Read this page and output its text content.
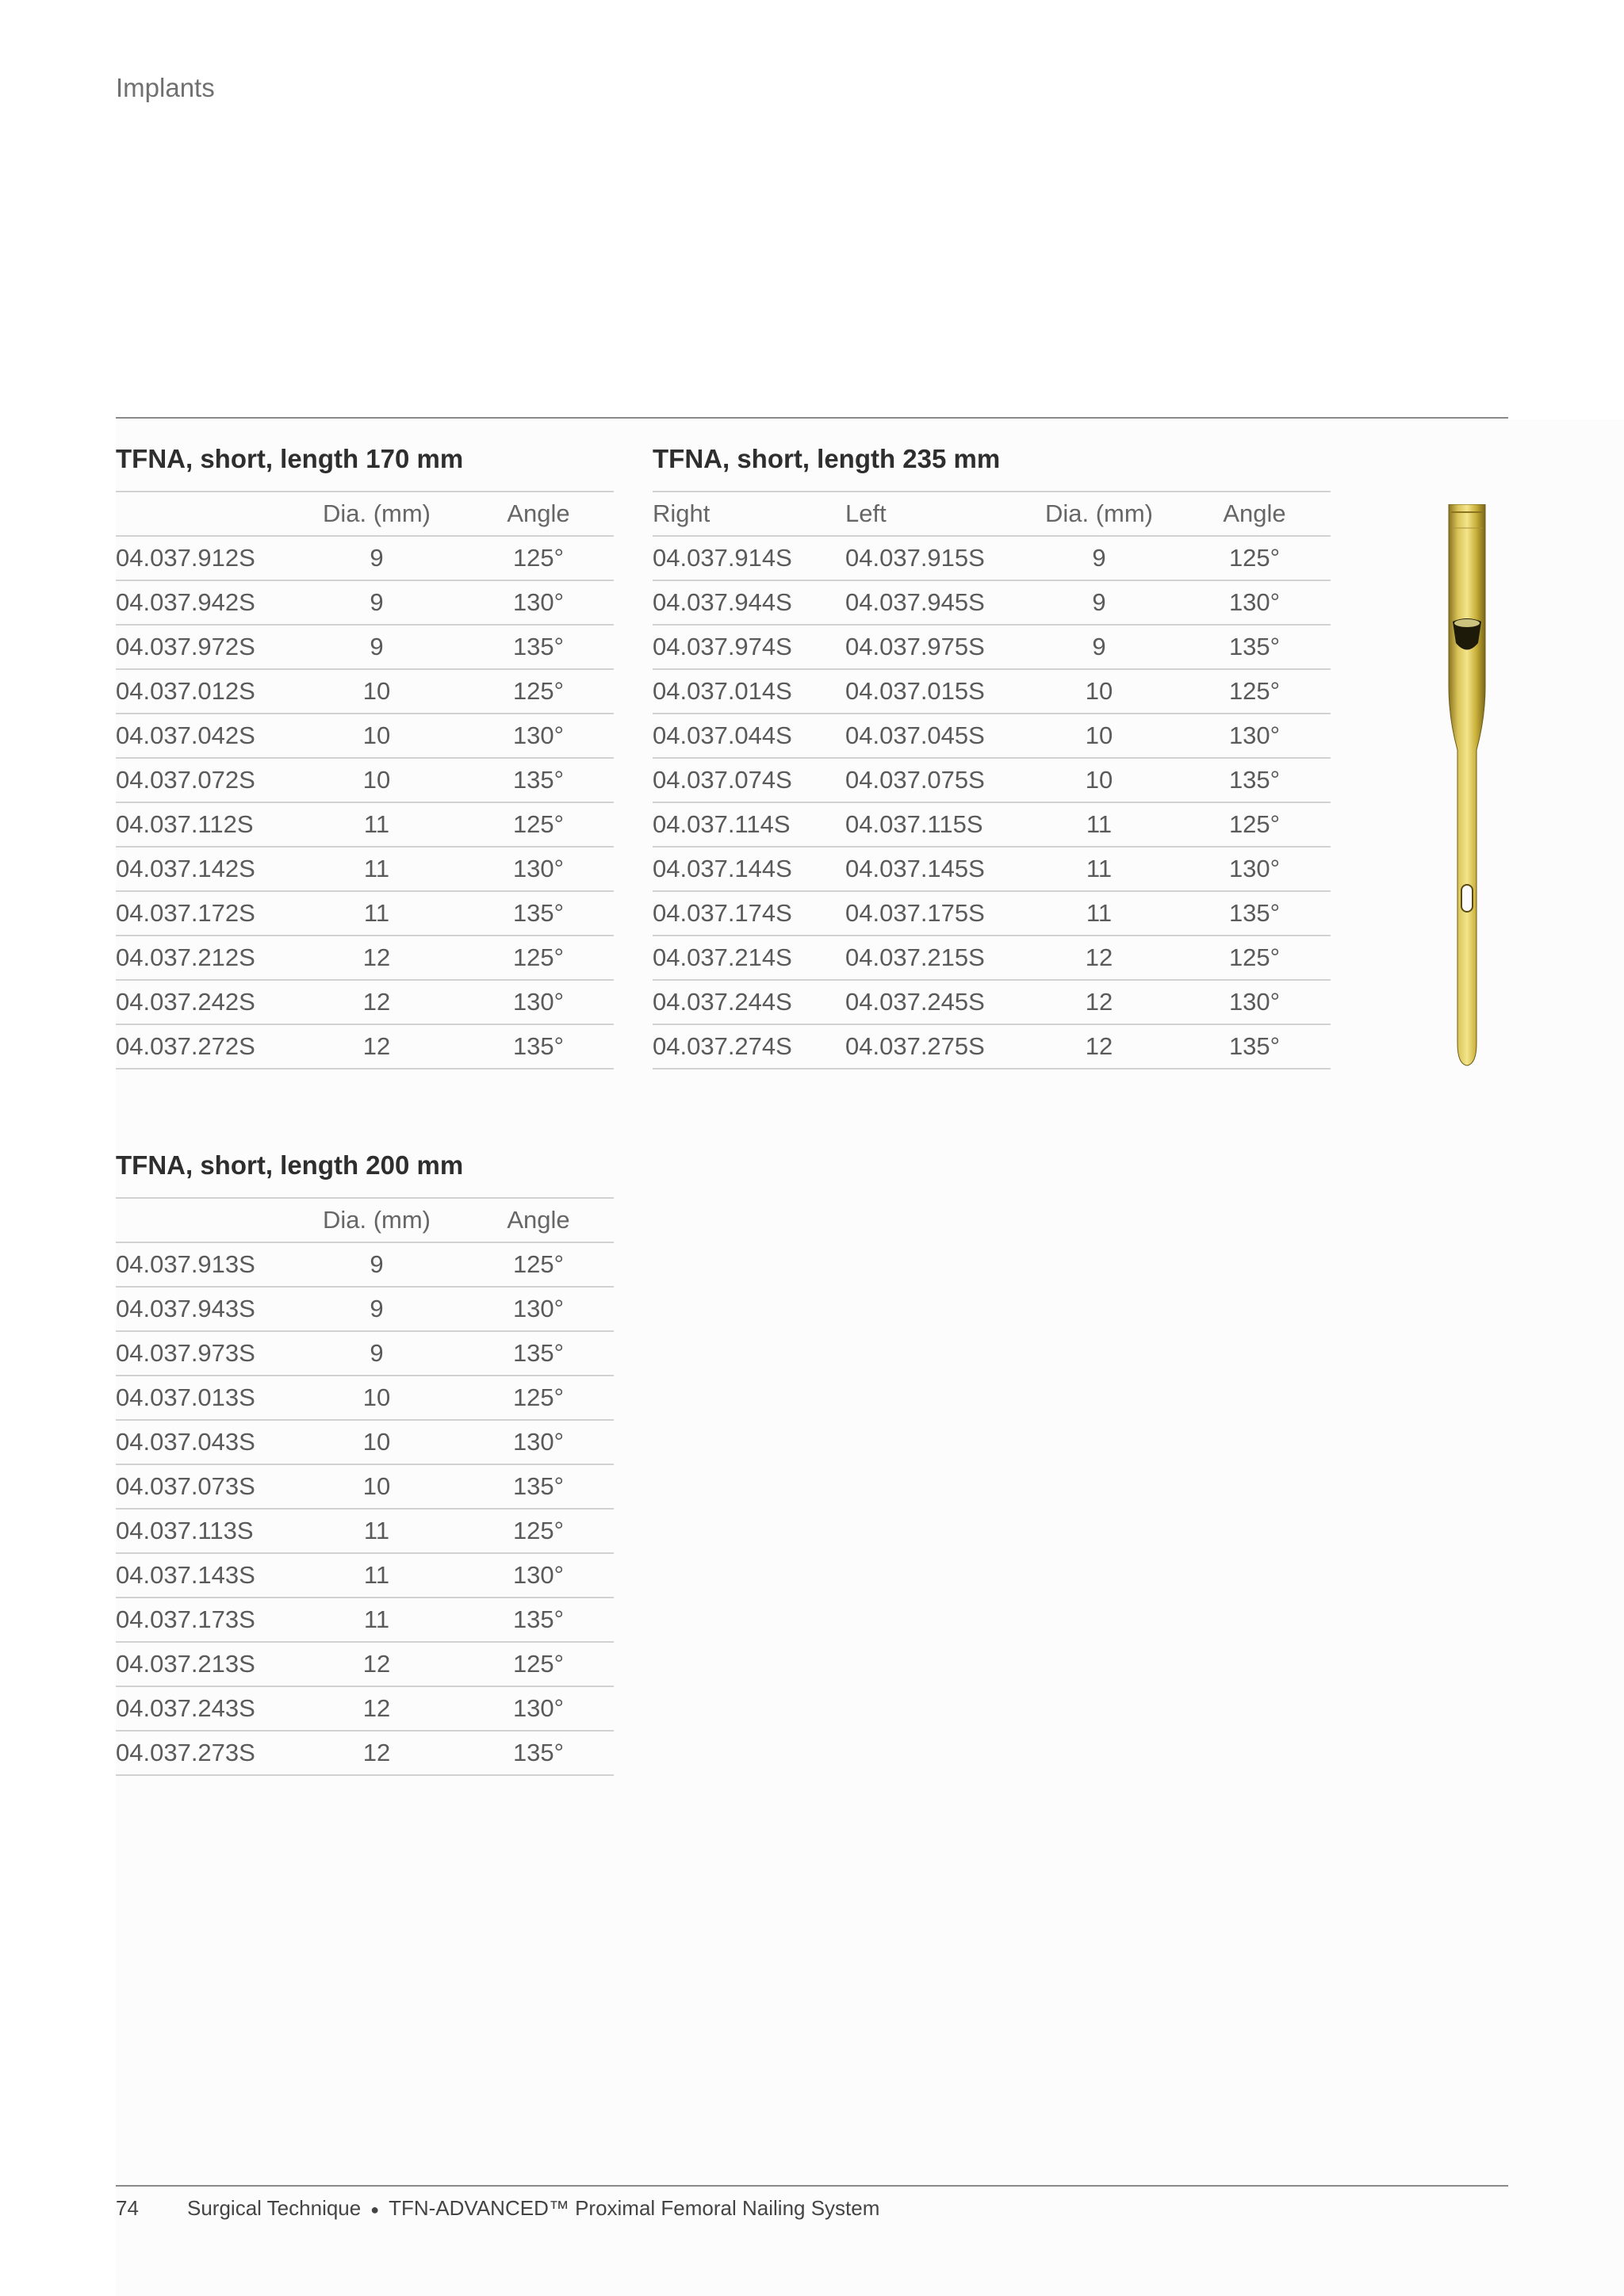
Implants
TFNA, short, length 170 mm
	Dia. (mm)	Angle
04.037.912S	9	125°
04.037.942S	9	130°
04.037.972S	9	135°
04.037.012S	10	125°
04.037.042S	10	130°
04.037.072S	10	135°
04.037.112S	11	125°
04.037.142S	11	130°
04.037.172S	11	135°
04.037.212S	12	125°
04.037.242S	12	130°
04.037.272S	12	135°
TFNA, short, length 235 mm
Right	Left	Dia. (mm)	Angle
04.037.914S	04.037.915S	9	125°
04.037.944S	04.037.945S	9	130°
04.037.974S	04.037.975S	9	135°
04.037.014S	04.037.015S	10	125°
04.037.044S	04.037.045S	10	130°
04.037.074S	04.037.075S	10	135°
04.037.114S	04.037.115S	11	125°
04.037.144S	04.037.145S	11	130°
04.037.174S	04.037.175S	11	135°
04.037.214S	04.037.215S	12	125°
04.037.244S	04.037.245S	12	130°
04.037.274S	04.037.275S	12	135°
TFNA, short, length 200 mm
	Dia. (mm)	Angle
04.037.913S	9	125°
04.037.943S	9	130°
04.037.973S	9	135°
04.037.013S	10	125°
04.037.043S	10	130°
04.037.073S	10	135°
04.037.113S	11	125°
04.037.143S	11	130°
04.037.173S	11	135°
04.037.213S	12	125°
04.037.243S	12	130°
04.037.273S	12	135°
74 Surgical Technique ● TFN-ADVANCED™ Proximal Femoral Nailing System
